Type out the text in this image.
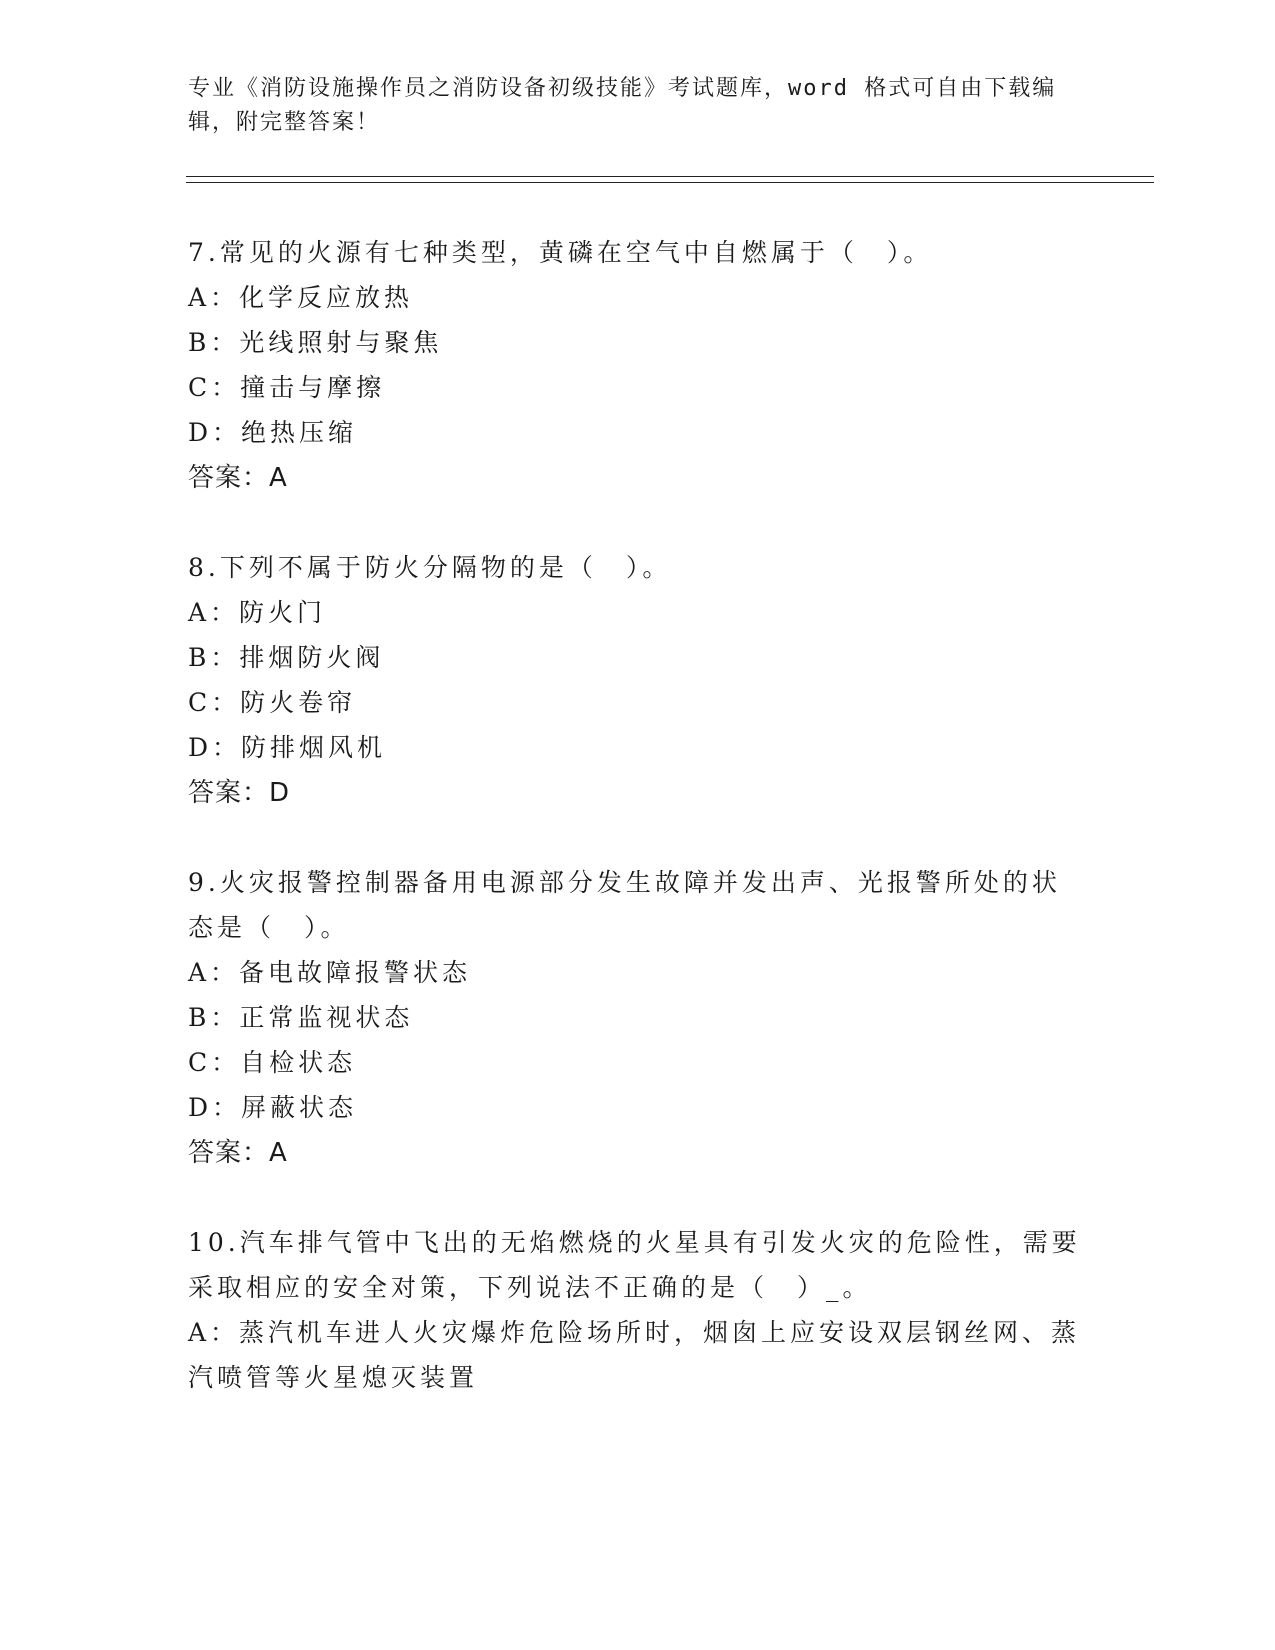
专业《消防设施操作员之消防设备初级技能》考试题库，word 格式可自由下载编
辑，附完整答案！
7.常见的火源有七种类型，黄磷在空气中自燃属于（　）。
A：化学反应放热
B：光线照射与聚焦
C：撞击与摩擦
D：绝热压缩
答案：A
8.下列不属于防火分隔物的是（　）。
A：防火门
B：排烟防火阀
C：防火卷帘
D：防排烟风机
答案：D
9.火灾报警控制器备用电源部分发生故障并发出声、光报警所处的状
态是（　）。
A：备电故障报警状态
B：正常监视状态
C：自检状态
D：屏蔽状态
答案：A
10.汽车排气管中飞出的无焰燃烧的火星具有引发火灾的危险性，需要
采取相应的安全对策，下列说法不正确的是（　）_。
A：蒸汽机车进人火灾爆炸危险场所时，烟囱上应安设双层钢丝网、蒸
汽喷管等火星熄灭装置
